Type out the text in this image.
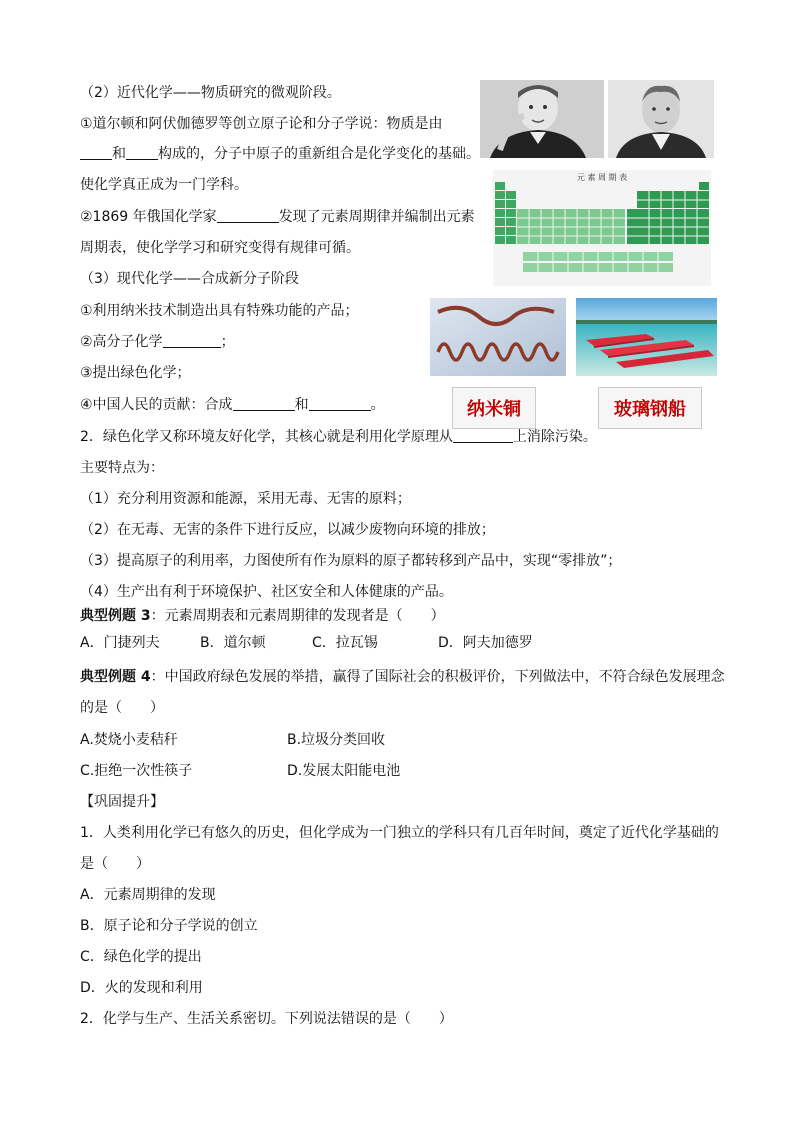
（2）近代化学——物质研究的微观阶段。
①道尔顿和阿伏伽德罗等创立原子论和分子学说：物质是由
和 构成的，分子中原子的重新组合是化学变化的基础。
使化学真正成为一门学科。
②1869 年俄国化学家	发现了元素周期律并编制出元素
周期表，使化学学习和研究变得有规律可循。
（3）现代化学——合成新分子阶段
①利用纳米技术制造出具有特殊功能的产品；
②高分子化学	；
③提出绿色化学；
④中国人民的贡献：合成	和	。
元 素 周 期 表
纳米铜	玻璃钢船
2．绿色化学又称环境友好化学，其核心就是利用化学原理从	上消除污染。
主要特点为：
（1）充分利用资源和能源，采用无毒、无害的原料；
（2）在无毒、无害的条件下进行反应，以减少废物向环境的排放；
（3）提高原子的利用率，力图使所有作为原料的原子都转移到产品中，实现“零排放”；
（4）生产出有利于环境保护、社区安全和人体健康的产品。
典型例题 3：元素周期表和元素周期律的发现者是（　　）
A．门捷列夫	B．道尔顿	C．拉瓦锡	D．阿夫加德罗
典型例题 4：中国政府绿色发展的举措，赢得了国际社会的积极评价，下列做法中，不符合绿色发展理念
的是（　　）
A.焚烧小麦秸秆	B.垃圾分类回收
C.拒绝一次性筷子	D.发展太阳能电池
【巩固提升】
1．人类利用化学已有悠久的历史，但化学成为一门独立的学科只有几百年时间，奠定了近代化学基础的
是（　　）
A．元素周期律的发现
B．原子论和分子学说的创立
C．绿色化学的提出
D．火的发现和利用
2．化学与生产、生活关系密切。下列说法错误的是（　　）
